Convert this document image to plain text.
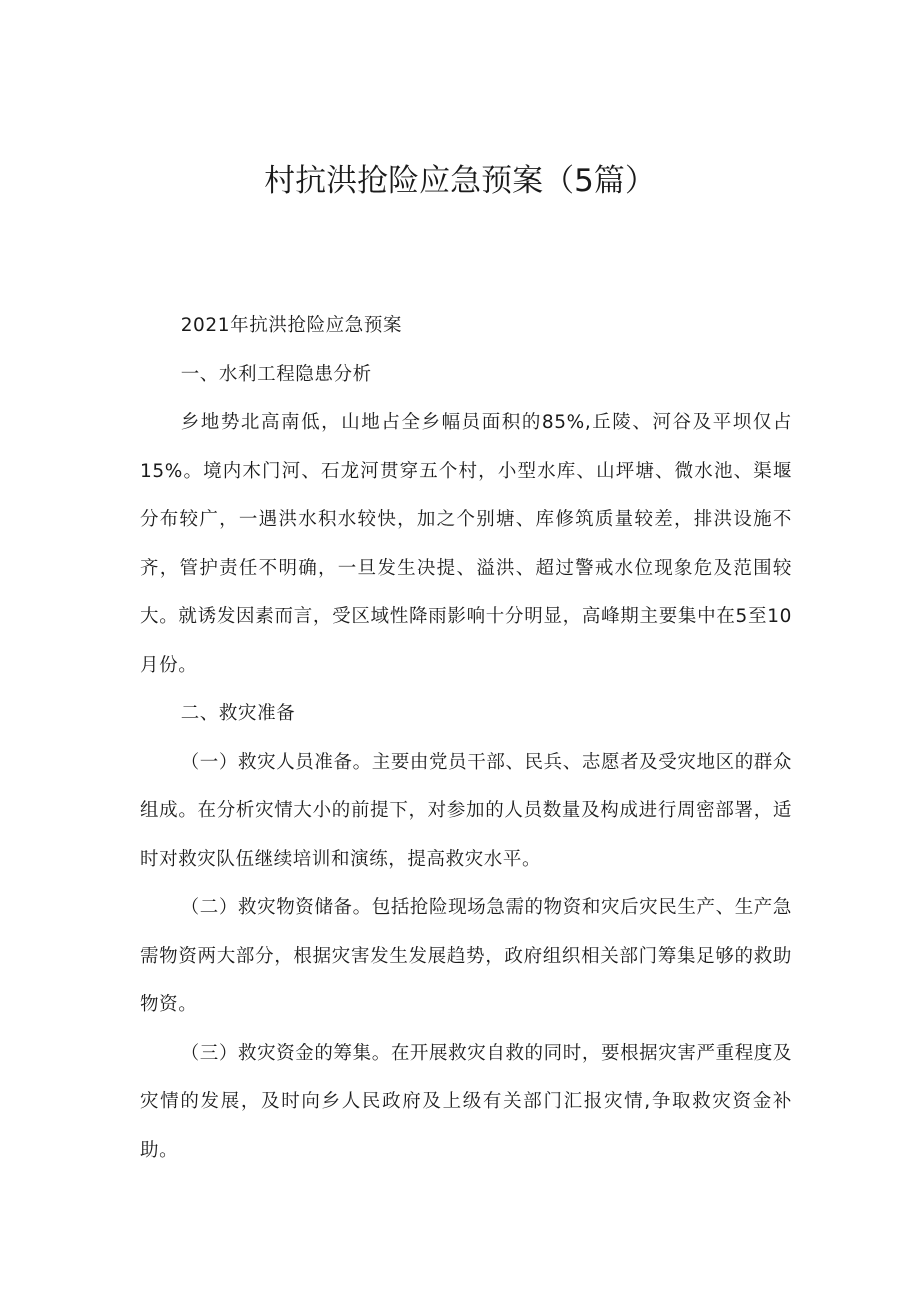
村抗洪抢险应急预案（5篇）

2021年抗洪抢险应急预案

一、水利工程隐患分析

乡地势北高南低，山地占全乡幅员面积的85%,丘陵、河谷及平坝仅占15%。境内木门河、石龙河贯穿五个村，小型水库、山坪塘、微水池、渠堰分布较广，一遇洪水积水较快，加之个别塘、库修筑质量较差，排洪设施不齐，管护责任不明确，一旦发生决提、溢洪、超过警戒水位现象危及范围较大。就诱发因素而言，受区域性降雨影响十分明显，高峰期主要集中在5至10月份。

二、救灾准备

（一）救灾人员准备。主要由党员干部、民兵、志愿者及受灾地区的群众组成。在分析灾情大小的前提下，对参加的人员数量及构成进行周密部署，适时对救灾队伍继续培训和演练，提高救灾水平。

（二）救灾物资储备。包括抢险现场急需的物资和灾后灾民生产、生产急需物资两大部分，根据灾害发生发展趋势，政府组织相关部门筹集足够的救助物资。

（三）救灾资金的筹集。在开展救灾自救的同时，要根据灾害严重程度及灾情的发展，及时向乡人民政府及上级有关部门汇报灾情,争取救灾资金补助。
